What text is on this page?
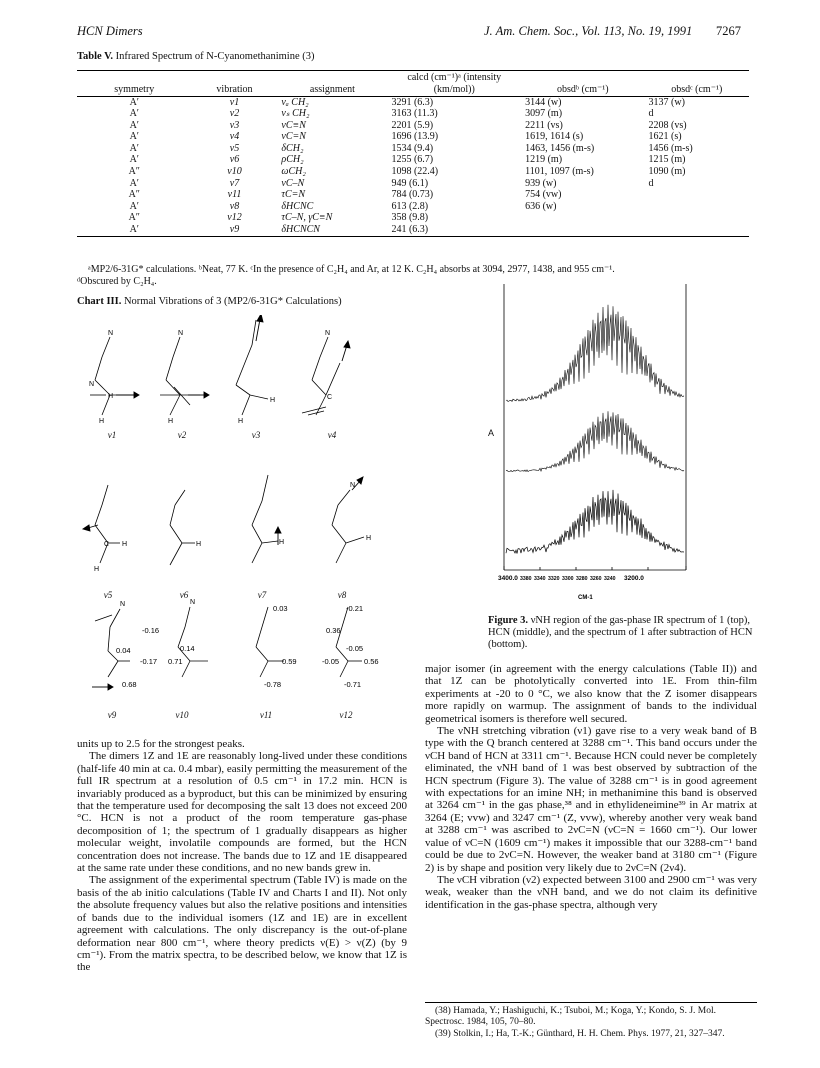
HCN Dimers	J. Am. Chem. Soc., Vol. 113, No. 19, 1991 7267
Table V. Infrared Spectrum of N-Cyanomethanimine (3)
symmetry	vibration	assignment	calcd (cm⁻¹)ᵃ (intensity (km/mol))	obsdᵇ (cm⁻¹)	obsdᶜ (cm⁻¹)
A′	ν1	νₐ CH₂	3291 (6.3)	3144 (w)	3137 (w)
A′	ν2	νₛ CH₂	3163 (11.3)	3097 (m)	d
A′	ν3	νC≡N	2201 (5.9)	2211 (vs)	2208 (vs)
A′	ν4	νC=N	1696 (13.9)	1619, 1614 (s)	1621 (s)
A′	ν5	δCH₂	1534 (9.4)	1463, 1456 (m-s)	1456 (m-s)
A′	ν6	ρCH₂	1255 (6.7)	1219 (m)	1215 (m)
A″	ν10	ωCH₂	1098 (22.4)	1101, 1097 (m-s)	1090 (m)
A′	ν7	νC–N	949 (6.1)	939 (w)	d
A″	ν11	τC=N	784 (0.73)	754 (vw)	
A′	ν8	δHCNC	613 (2.8)	636 (w)	
A″	ν12	τC–N, γC≡N	358 (9.8)		
A′	ν9	δHCNCN	241 (6.3)		
ᵃMP2/6-31G* calculations. ᵇNeat, 77 K. ᶜIn the presence of C₂H₄ and Ar, at 12 K. C₂H₄ absorbs at 3094, 2977, 1438, and 955 cm⁻¹.
ᵈObscured by C₂H₄.
Chart III. Normal Vibrations of 3 (MP2/6-31G* Calculations)
N
N
H
H
N
H	H
H
N
C
C H
H
H	H
N
H
N	N
0.04
-0.17 0.71
0.68
-0.16
0.14
0.03
0.59
-0.78
-0.21
0.36
-0.05
-0.05	0.56
-0.71
ν1	ν2	ν3	ν4
ν5	ν6	ν7	ν8
ν9	ν10	ν11	ν12
A
3400.0 3380 3340 3320 3300 3280 3260 3240 3200.0
CM-1
Figure 3. νNH region of the gas-phase IR spectrum of 1 (top), HCN (middle), and the spectrum of 1 after subtraction of HCN (bottom).

units up to 2.5 for the strongest peaks.

The dimers 1Z and 1E are reasonably long-lived under these conditions (half-life 40 min at ca. 0.4 mbar), easily permitting the measurement of the full IR spectrum at a resolution of 0.5 cm⁻¹ in 17.2 min. HCN is invariably produced as a byproduct, but this can be minimized by ensuring that the temperature used for decomposing the salt 13 does not exceed 200 °C. HCN is not a product of the room temperature gas-phase decomposition of 1; the spectrum of 1 gradually disappears as higher molecular weight, involatile compounds are formed, but the HCN concentration does not increase. The bands due to 1Z and 1E disappeared at the same rate under these conditions, and no new bands grew in.

The assignment of the experimental spectrum (Table IV) is made on the basis of the ab initio calculations (Table IV and Charts I and II). Not only the absolute frequency values but also the relative positions and intensities of bands due to the individual isomers (1Z and 1E) are in excellent agreement with calculations. The only discrepancy is the out-of-plane deformation near 800 cm⁻¹, where theory predicts ν(E) > ν(Z) (by 9 cm⁻¹). From the matrix spectra, to be described below, we know that 1Z is the

major isomer (in agreement with the energy calculations (Table II)) and that 1Z can be photolytically converted into 1E. From thin-film experiments at -20 to 0 °C, we also know that the Z isomer disappears more rapidly on warmup. The assignment of bands to the individual geometrical isomers is therefore well secured.

The νNH stretching vibration (ν1) gave rise to a very weak band of B type with the Q branch centered at 3288 cm⁻¹. This band occurs under the νCH band of HCN at 3311 cm⁻¹. Because HCN could never be completely eliminated, the νNH band of 1 was best observed by subtraction of the HCN spectrum (Figure 3). The value of 3288 cm⁻¹ is in good agreement with expectations for an imine NH; in methanimine this band is observed at 3264 cm⁻¹ in the gas phase,³⁸ and in ethylideneimine³⁹ in Ar matrix at 3264 (E; vvw) and 3247 cm⁻¹ (Z, vvw), whereby another very weak band at 3288 cm⁻¹ was ascribed to 2νC=N (νC=N = 1660 cm⁻¹). Our lower value of νC=N (1609 cm⁻¹) makes it impossible that our 3288-cm⁻¹ band could be due to 2νC=N. However, the weaker band at 3180 cm⁻¹ (Figure 2) is by shape and position very likely due to 2νC=N (2ν4).

The νCH vibration (ν2) expected between 3100 and 2900 cm⁻¹ was very weak, weaker than the νNH band, and we do not claim its definitive identification in the gas-phase spectra, although very

(38) Hamada, Y.; Hashiguchi, K.; Tsuboi, M.; Koga, Y.; Kondo, S. J. Mol. Spectrosc. 1984, 105, 70–80.

(39) Stolkin, I.; Ha, T.-K.; Günthard, H. H. Chem. Phys. 1977, 21, 327–347.
